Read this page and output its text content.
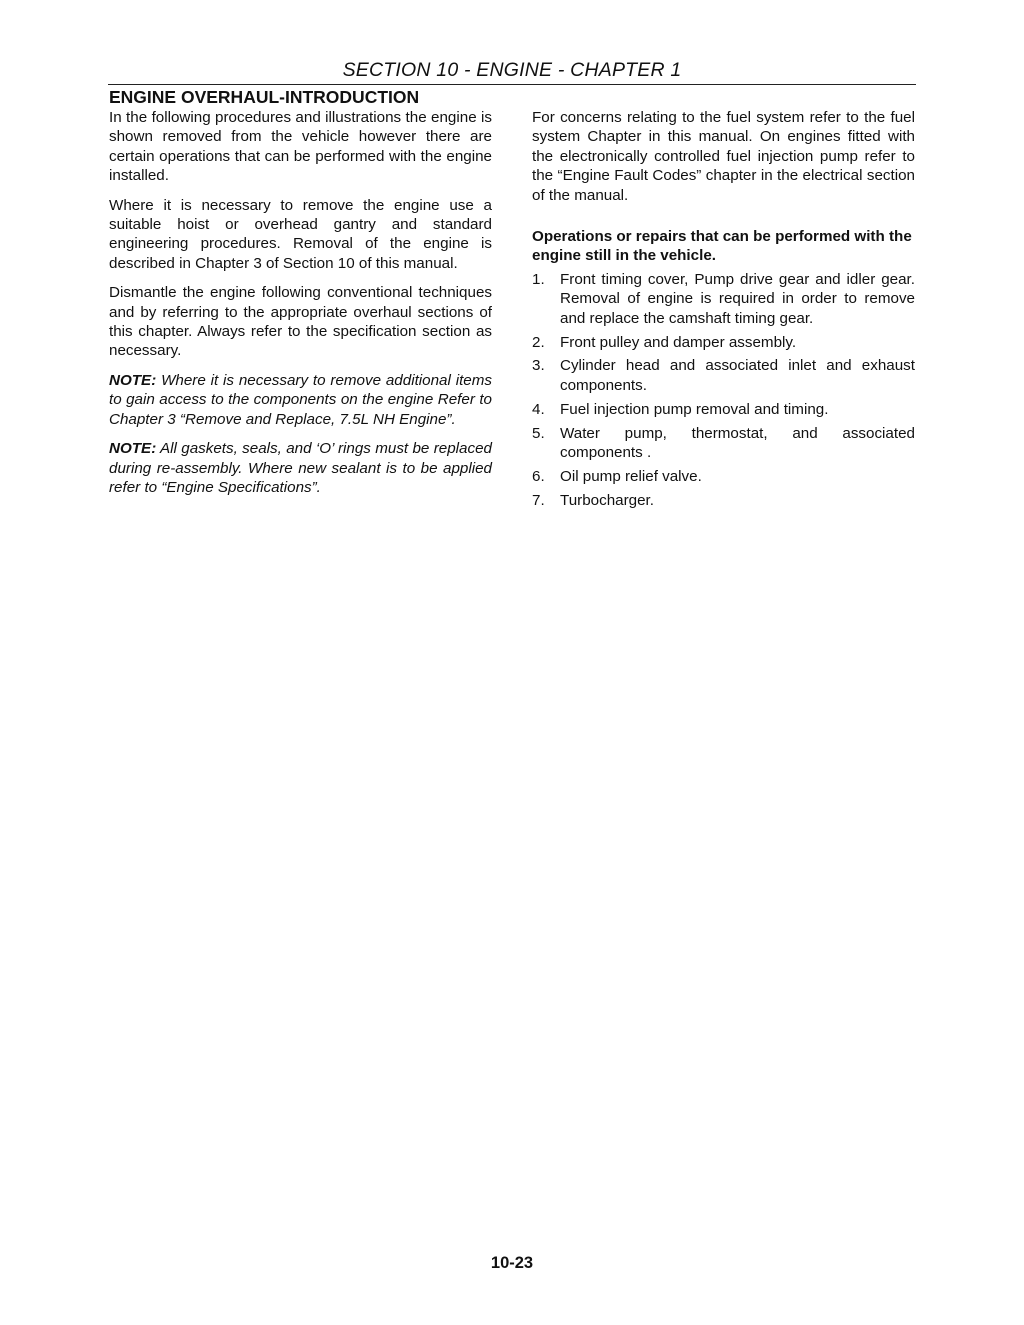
SECTION 10 - ENGINE - CHAPTER 1
ENGINE OVERHAUL-INTRODUCTION

In the following procedures and illustrations the engine is shown removed from the vehicle however there are certain operations that can be performed with the engine installed.

Where it is necessary to remove the engine use a suitable hoist or overhead gantry and standard engineering procedures. Removal of the engine is described in Chapter 3 of Section 10 of this manual.

Dismantle the engine following conventional techniques and by referring to the appropriate overhaul sections of this chapter. Always refer to the specification section as necessary.

NOTE: Where it is necessary to remove additional items to gain access to the components on the engine Refer to Chapter 3 “Remove and Replace, 7.5L NH Engine”.

NOTE: All gaskets, seals, and ‘O’ rings must be replaced during re-assembly. Where new sealant is to be applied refer to “Engine Specifications”.

For concerns relating to the fuel system refer to the fuel system Chapter in this manual. On engines fitted with the electronically controlled fuel injection pump refer to the “Engine Fault Codes” chapter in the electrical section of the manual.

Operations or repairs that can be performed with the engine still in the vehicle.
1.	Front timing cover, Pump drive gear and idler gear. Removal of engine is required in order to remove and replace the camshaft timing gear.
2.	Front pulley and damper assembly.
3.	Cylinder head and associated inlet and exhaust components.
4.	Fuel injection pump removal and timing.
5.	Water pump, thermostat, and associated components .
6.	Oil pump relief valve.
7.	Turbocharger.
10-23
